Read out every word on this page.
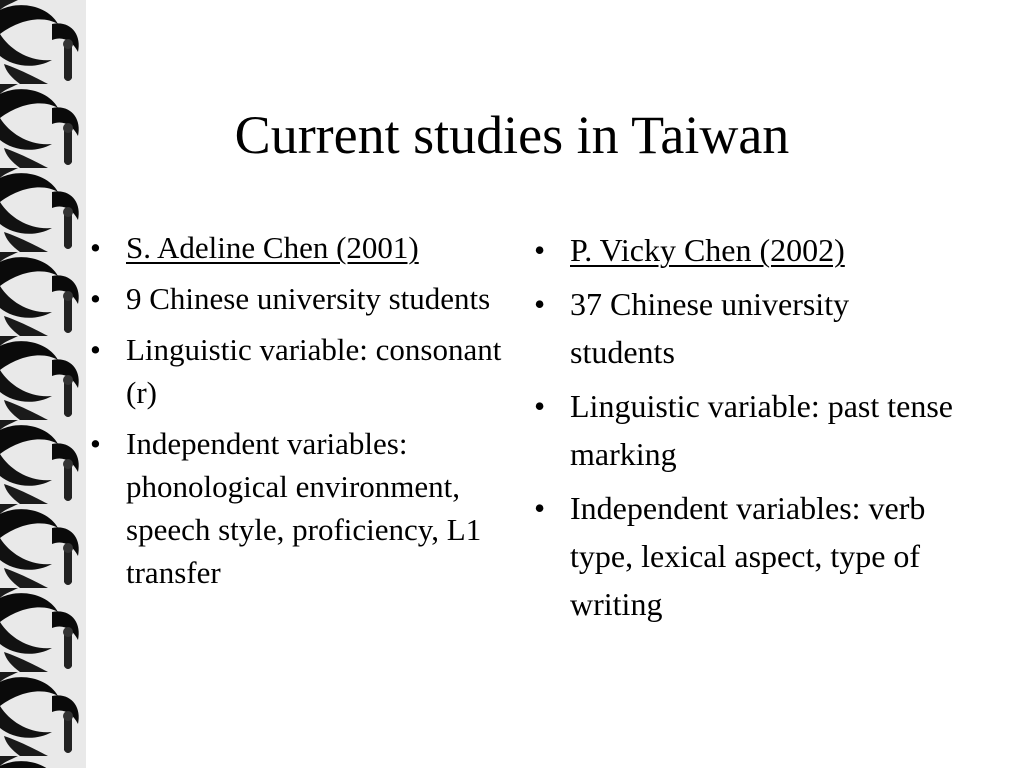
Current studies in Taiwan
• S. Adeline Chen (2001)
• 9 Chinese university students
• Linguistic variable: consonant (r)
• Independent variables: phonological environment, speech style, proficiency, L1 transfer
• P. Vicky Chen (2002)
• 37 Chinese university students
• Linguistic variable: past tense marking
• Independent variables: verb type, lexical aspect, type of writing
